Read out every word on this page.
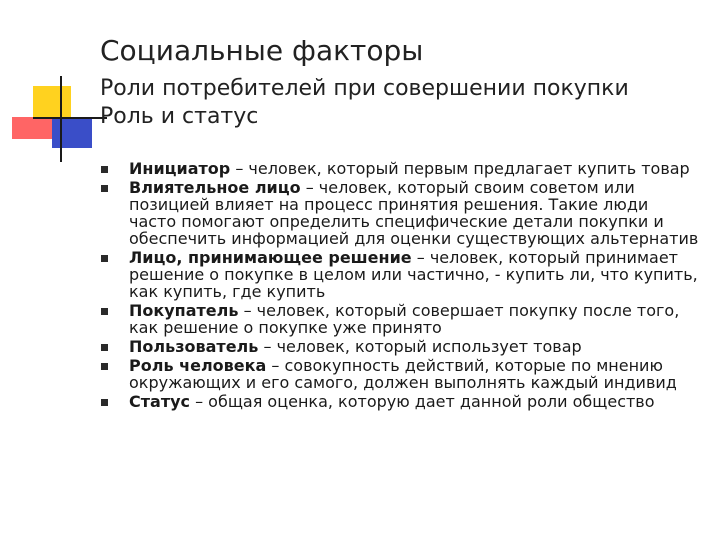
Социальные факторы

Роли потребителей при совершении покупки

Роль и статус

Инициатор – человек, который первым предлагает купить товар
Влиятельное лицо – человек, который своим советом или позицией влияет на процесс принятия решения. Такие люди часто помогают определить специфические детали покупки и обеспечить информацией для оценки существующих альтернатив
Лицо, принимающее решение – человек, который принимает решение о покупке в целом или частично, - купить ли, что купить, как купить, где купить
Покупатель – человек, который совершает покупку после того, как решение о покупке уже принято
Пользователь – человек, который использует товар
Роль человека – совокупность действий, которые по мнению окружающих и его самого, должен выполнять каждый индивид
Статус – общая оценка, которую дает данной роли общество
